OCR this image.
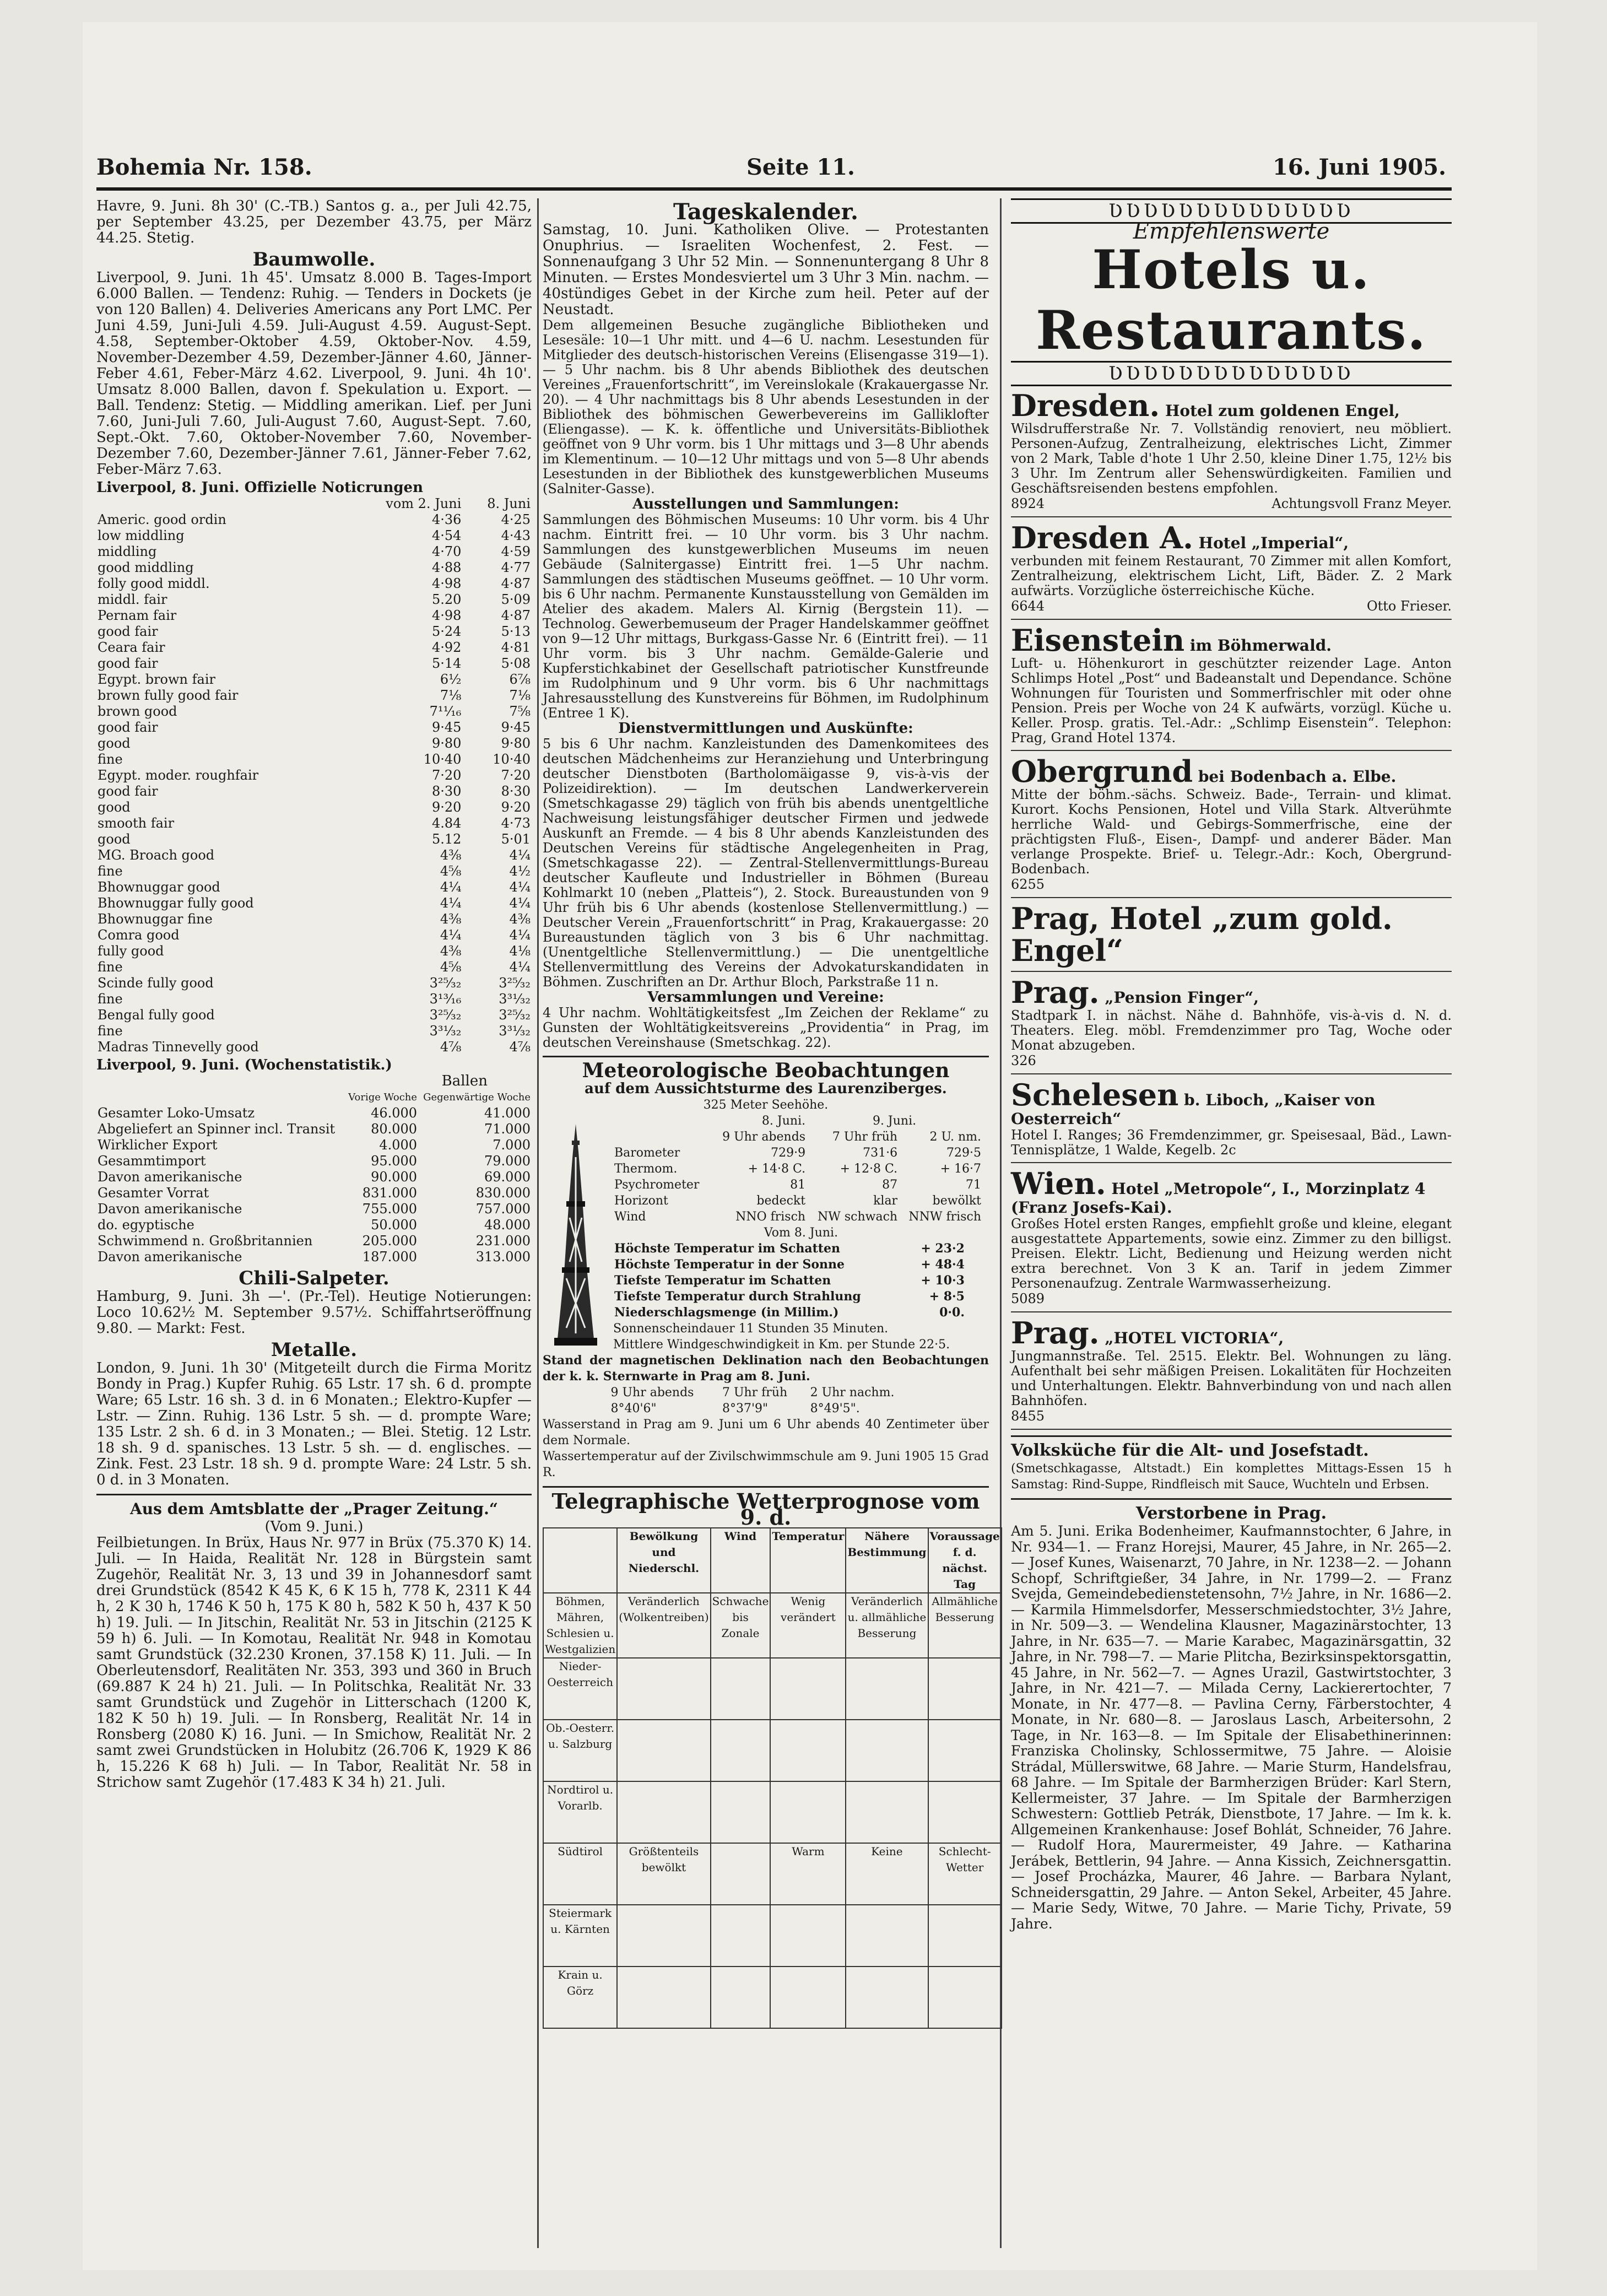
Bohemia Nr. 158.	Seite 11.	16. Juni 1905.

Havre, 9. Juni. 8h 30' (C.-TB.) Santos g. a., per Juli 42.75, per September 43.25, per Dezember 43.75, per März 44.25. Stetig.

Baumwolle.

Liverpool, 9. Juni. 1h 45'. Umsatz 8.000 B. Tages-Import 6.000 Ballen. — Tendenz: Ruhig. — Tenders in Dockets (je von 120 Ballen) 4. Deliveries Americans any Port LMC. Per Juni 4.59, Juni-Juli 4.59. Juli-August 4.59. August-Sept. 4.58, September-Oktober 4.59, Oktober-Nov. 4.59, November-Dezember 4.59, Dezember-Jänner 4.60, Jänner-Feber 4.61, Feber-März 4.62. Liverpool, 9. Juni. 4h 10'. Umsatz 8.000 Ballen, davon f. Spekulation u. Export. — Ball. Tendenz: Stetig. — Middling amerikan. Lief. per Juni 7.60, Juni-Juli 7.60, Juli-August 7.60, August-Sept. 7.60, Sept.-Okt. 7.60, Oktober-November 7.60, November-Dezember 7.60, Dezember-Jänner 7.61, Jänner-Feber 7.62, Feber-März 7.63.

Liverpool, 8. Juni. Offizielle Noticrungen
	vom 2. Juni	8. Juni
Americ. good ordin	4·36	4·25
low middling	4·54	4·43
middling	4·70	4·59
good middling	4·88	4·77
folly good middl.	4·98	4·87
middl. fair	5.20	5·09
Pernam fair	4·98	4·87
good fair	5·24	5·13
Ceara fair	4·92	4·81
good fair	5·14	5·08
Egypt. brown fair	6½	6⅞
brown fully good fair	7⅛	7⅛
brown good	7¹¹⁄₁₆	7⅝
good fair	9·45	9·45
good	9·80	9·80
fine	10·40	10·40
Egypt. moder. roughfair	7·20	7·20
good fair	8·30	8·30
good	9·20	9·20
smooth fair	4.84	4·73
good	5.12	5·01
MG. Broach good	4⅜	4¼
fine	4⅝	4½
Bhownuggar good	4¼	4¼
Bhownuggar fully good	4¼	4¼
Bhownuggar fine	4⅜	4⅜
Comra good	4¼	4¼
fully good	4⅜	4⅛
fine	4⅝	4¼
Scinde fully good	3²⁵⁄₃₂	3²⁵⁄₃₂
fine	3¹³⁄₁₆	3³¹⁄₃₂
Bengal fully good	3²⁵⁄₃₂	3²⁵⁄₃₂
fine	3³¹⁄₃₂	3³¹⁄₃₂
Madras Tinnevelly good	4⅞	4⅞
Liverpool, 9. Juni. (Wochenstatistik.)
Ballen
	Vorige Woche	Gegenwärtige Woche
Gesamter Loko-Umsatz	46.000	41.000
Abgeliefert an Spinner incl. Transit	80.000	71.000
Wirklicher Export	4.000	7.000
Gesammtimport	95.000	79.000
Davon amerikanische	90.000	69.000
Gesamter Vorrat	831.000	830.000
Davon amerikanische	755.000	757.000
do. egyptische	50.000	48.000
Schwimmend n. Großbritannien	205.000	231.000
Davon amerikanische	187.000	313.000
Chili-Salpeter.

Hamburg, 9. Juni. 3h —'. (Pr.-Tel). Heutige Notierungen: Loco 10.62½ M. September 9.57½. Schiffahrtseröffnung 9.80. — Markt: Fest.

Metalle.

London, 9. Juni. 1h 30' (Mitgeteilt durch die Firma Moritz Bondy in Prag.) Kupfer Ruhig. 65 Lstr. 17 sh. 6 d. prompte Ware; 65 Lstr. 16 sh. 3 d. in 6 Monaten.; Elektro-Kupfer — Lstr. — Zinn. Ruhig. 136 Lstr. 5 sh. — d. prompte Ware; 135 Lstr. 2 sh. 6 d. in 3 Monaten.; — Blei. Stetig. 12 Lstr. 18 sh. 9 d. spanisches. 13 Lstr. 5 sh. — d. englisches. — Zink. Fest. 23 Lstr. 18 sh. 9 d. prompte Ware: 24 Lstr. 5 sh. 0 d. in 3 Monaten.

Aus dem Amtsblatte der „Prager Zeitung.“
(Vom 9. Juni.)

Feilbietungen. In Brüx, Haus Nr. 977 in Brüx (75.370 K) 14. Juli. — In Haida, Realität Nr. 128 in Bürgstein samt Zugehör, Realität Nr. 3, 13 und 39 in Johannesdorf samt drei Grundstück (8542 K 45 K, 6 K 15 h, 778 K, 2311 K 44 h, 2 K 30 h, 1746 K 50 h, 175 K 80 h, 582 K 50 h, 437 K 50 h) 19. Juli. — In Jitschin, Realität Nr. 53 in Jitschin (2125 K 59 h) 6. Juli. — In Komotau, Realität Nr. 948 in Komotau samt Grundstück (32.230 Kronen, 37.158 K) 11. Juli. — In Oberleutensdorf, Realitäten Nr. 353, 393 und 360 in Bruch (69.887 K 24 h) 21. Juli. — In Politschka, Realität Nr. 33 samt Grundstück und Zugehör in Litterschach (1200 K, 182 K 50 h) 19. Juli. — In Ronsberg, Realität Nr. 14 in Ronsberg (2080 K) 16. Juni. — In Smichow, Realität Nr. 2 samt zwei Grundstücken in Holubitz (26.706 K, 1929 K 86 h, 15.226 K 68 h) Juli. — In Tabor, Realität Nr. 58 in Strichow samt Zugehör (17.483 K 34 h) 21. Juli.

Tageskalender.

Samstag, 10. Juni. Katholiken Olive. — Protestanten Onuphrius. — Israeliten Wochenfest, 2. Fest. — Sonnenaufgang 3 Uhr 52 Min. — Sonnenuntergang 8 Uhr 8 Minuten. — Erstes Mondesviertel um 3 Uhr 3 Min. nachm. — 40stündiges Gebet in der Kirche zum heil. Peter auf der Neustadt.

Dem allgemeinen Besuche zugängliche Bibliotheken und Lesesäle: 10—1 Uhr mitt. und 4—6 U. nachm. Lesestunden für Mitglieder des deutsch-historischen Vereins (Elisengasse 319—1). — 5 Uhr nachm. bis 8 Uhr abends Bibliothek des deutschen Vereines „Frauenfortschritt“, im Vereinslokale (Krakauergasse Nr. 20). — 4 Uhr nachmittags bis 8 Uhr abends Lesestunden in der Bibliothek des böhmischen Gewerbevereins im Galliklofter (Eliengasse). — K. k. öffentliche und Universitäts-Bibliothek geöffnet von 9 Uhr vorm. bis 1 Uhr mittags und 3—8 Uhr abends im Klementinum. — 10—12 Uhr mittags und von 5—8 Uhr abends Lesestunden in der Bibliothek des kunstgewerblichen Museums (Salniter-Gasse).

Ausstellungen und Sammlungen:

Sammlungen des Böhmischen Museums: 10 Uhr vorm. bis 4 Uhr nachm. Eintritt frei. — 10 Uhr vorm. bis 3 Uhr nachm. Sammlungen des kunstgewerblichen Museums im neuen Gebäude (Salnitergasse) Eintritt frei. 1—5 Uhr nachm. Sammlungen des städtischen Museums geöffnet. — 10 Uhr vorm. bis 6 Uhr nachm. Permanente Kunstausstellung von Gemälden im Atelier des akadem. Malers Al. Kirnig (Bergstein 11). — Technolog. Gewerbemuseum der Prager Handelskammer geöffnet von 9—12 Uhr mittags, Burkgass-Gasse Nr. 6 (Eintritt frei). — 11 Uhr vorm. bis 3 Uhr nachm. Gemälde-Galerie und Kupferstichkabinet der Gesellschaft patriotischer Kunstfreunde im Rudolphinum und 9 Uhr vorm. bis 6 Uhr nachmittags Jahresausstellung des Kunstvereins für Böhmen, im Rudolphinum (Entree 1 K).

Dienstvermittlungen und Auskünfte:

5 bis 6 Uhr nachm. Kanzleistunden des Damenkomitees des deutschen Mädchenheims zur Heranziehung und Unterbringung deutscher Dienstboten (Bartholomäigasse 9, vis-à-vis der Polizeidirektion). — Im deutschen Landwerkerverein (Smetschkagasse 29) täglich von früh bis abends unentgeltliche Nachweisung leistungsfähiger deutscher Firmen und jedwede Auskunft an Fremde. — 4 bis 8 Uhr abends Kanzleistunden des Deutschen Vereins für städtische Angelegenheiten in Prag, (Smetschkagasse 22). — Zentral-Stellenvermittlungs-Bureau deutscher Kaufleute und Industrieller in Böhmen (Bureau Kohlmarkt 10 (neben „Platteis“), 2. Stock. Bureaustunden von 9 Uhr früh bis 6 Uhr abends (kostenlose Stellenvermittlung.) — Deutscher Verein „Frauenfortschritt“ in Prag, Krakauergasse: 20 Bureaustunden täglich von 3 bis 6 Uhr nachmittag. (Unentgeltliche Stellenvermittlung.) — Die unentgeltliche Stellenvermittlung des Vereins der Advokaturskandidaten in Böhmen. Zuschriften an Dr. Arthur Bloch, Parkstraße 11 n.

Versammlungen und Vereine:

4 Uhr nachm. Wohltätigkeitsfest „Im Zeichen der Reklame“ zu Gunsten der Wohltätigkeitsvereins „Providentia“ in Prag, im deutschen Vereinshause (Smetschkag. 22).

Meteorologische Beobachtungen
auf dem Aussichtsturme des Laurenziberges.
325 Meter Seehöhe.
	8. Juni.	9. Juni.	
	9 Uhr abends	7 Uhr früh	2 U. nm.
Barometer	729·9	731·6	729·5
Thermom.	+ 14·8 C.	+ 12·8 C.	+ 16·7
Psychrometer	81	87	71
Horizont	bedeckt	klar	bewölkt
Wind	NNO frisch	NW schwach	NNW frisch
Vom 8. Juni.
Höchste Temperatur im Schatten	+ 23·2
Höchste Temperatur in der Sonne	+ 48·4
Tiefste Temperatur im Schatten	+ 10·3
Tiefste Temperatur durch Strahlung	+ 8·5
Niederschlagsmenge (in Millim.)	0·0.

Sonnenscheindauer 11 Stunden 35 Minuten.

Mittlere Windgeschwindigkeit in Km. per Stunde 22·5.

Stand der magnetischen Deklination nach den Beobachtungen der k. k. Sternwarte in Prag am 8. Juni.

9 Uhr abends	7 Uhr früh	2 Uhr nachm.
8°40'6"	8°37'9"	8°49'5".

Wasserstand in Prag am 9. Juni um 6 Uhr abends 40 Zentimeter über dem Normale.

Wassertemperatur auf der Zivilschwimmschule am 9. Juni 1905 15 Grad R.

Telegraphische Wetterprognose vom 9. d.
	Bewölkung und Niederschl.	Wind	Temperatur	Nähere Bestimmung	Voraussage f. d. nächst. Tag
Böhmen, Mähren, Schlesien u. Westgalizien	Veränderlich (Wolkentreiben)	Schwache bis Zonale	Wenig verändert	Veränderlich u. allmähliche Besserung	Allmähliche Besserung
Nieder-Oesterreich					
Ob.-Oesterr. u. Salzburg					
Nordtirol u. Vorarlb.					
Südtirol	Größtenteils bewölkt		Warm	Keine	Schlecht-Wetter
Steiermark u. Kärnten					
Krain u. Görz					
ƲƲƲƲƲƲƲƲƲƲƲƲƲƲ
Empfehlenswerte
Hotels u. Restaurants.
ƲƲƲƲƲƲƲƲƲƲƲƲƲƲ
Dresden. Hotel zum goldenen Engel,

Wilsdrufferstraße Nr. 7. Vollständig renoviert, neu möbliert. Personen-Aufzug, Zentralheizung, elektrisches Licht, Zimmer von 2 Mark, Table d'hote 1 Uhr 2.50, kleine Diner 1.75, 12½ bis 3 Uhr. Im Zentrum aller Sehenswürdigkeiten. Familien und Geschäftsreisenden bestens empfohlen.

8924	Achtungsvoll Franz Meyer.
Dresden A. Hotel „Imperial“,

verbunden mit feinem Restaurant, 70 Zimmer mit allen Komfort, Zentralheizung, elektrischem Licht, Lift, Bäder. Z. 2 Mark aufwärts. Vorzügliche österreichische Küche.

6644	Otto Frieser.
Eisenstein im Böhmerwald.

Luft- u. Höhenkurort in geschützter reizender Lage. Anton Schlimps Hotel „Post“ und Badeanstalt und Dependance. Schöne Wohnungen für Touristen und Sommerfrischler mit oder ohne Pension. Preis per Woche von 24 K aufwärts, vorzügl. Küche u. Keller. Prosp. gratis. Tel.-Adr.: „Schlimp Eisenstein“. Telephon: Prag, Grand Hotel 1374.

Obergrund bei Bodenbach a. Elbe.

Mitte der böhm.-sächs. Schweiz. Bade-, Terrain- und klimat. Kurort. Kochs Pensionen, Hotel und Villa Stark. Altverühmte herrliche Wald- und Gebirgs-Sommerfrische, eine der prächtigsten Fluß-, Eisen-, Dampf- und anderer Bäder. Man verlange Prospekte. Brief- u. Telegr.-Adr.: Koch, Obergrund-Bodenbach.

6255
Prag, Hotel „zum gold. Engel“
Prag. „Pension Finger“,

Stadtpark I. in nächst. Nähe d. Bahnhöfe, vis-à-vis d. N. d. Theaters. Eleg. möbl. Fremdenzimmer pro Tag, Woche oder Monat abzugeben.

326
Schelesen b. Liboch, „Kaiser von Oesterreich“

Hotel I. Ranges; 36 Fremdenzimmer, gr. Speisesaal, Bäd., Lawn-Tennisplätze, 1 Walde, Kegelb. 2c

Wien. Hotel „Metropole“, I., Morzinplatz 4 (Franz Josefs-Kai).

Großes Hotel ersten Ranges, empfiehlt große und kleine, elegant ausgestattete Appartements, sowie einz. Zimmer zu den billigst. Preisen. Elektr. Licht, Bedienung und Heizung werden nicht extra berechnet. Von 3 K an. Tarif in jedem Zimmer Personenaufzug. Zentrale Warmwasserheizung.

5089
Prag. „HOTEL VICTORIA“,

Jungmannstraße. Tel. 2515. Elektr. Bel. Wohnungen zu läng. Aufenthalt bei sehr mäßigen Preisen. Lokalitäten für Hochzeiten und Unterhaltungen. Elektr. Bahnverbindung von und nach allen Bahnhöfen.

8455
Volksküche für die Alt- und Josefstadt.

(Smetschkagasse, Altstadt.) Ein komplettes Mittags-Essen 15 h Samstag: Rind-Suppe, Rindfleisch mit Sauce, Wuchteln und Erbsen.

Verstorbene in Prag.

Am 5. Juni. Erika Bodenheimer, Kaufmannstochter, 6 Jahre, in Nr. 934—1. — Franz Horejsi, Maurer, 45 Jahre, in Nr. 265—2. — Josef Kunes, Waisenarzt, 70 Jahre, in Nr. 1238—2. — Johann Schopf, Schriftgießer, 34 Jahre, in Nr. 1799—2. — Franz Svejda, Gemeindebedienstetensohn, 7½ Jahre, in Nr. 1686—2. — Karmila Himmelsdorfer, Messerschmiedstochter, 3½ Jahre, in Nr. 509—3. — Wendelina Klausner, Magazinärstochter, 13 Jahre, in Nr. 635—7. — Marie Karabec, Magazinärsgattin, 32 Jahre, in Nr. 798—7. — Marie Plitcha, Bezirksinspektorsgattin, 45 Jahre, in Nr. 562—7. — Agnes Urazil, Gastwirtstochter, 3 Jahre, in Nr. 421—7. — Milada Cerny, Lackierertochter, 7 Monate, in Nr. 477—8. — Pavlina Cerny, Färberstochter, 4 Monate, in Nr. 680—8. — Jaroslaus Lasch, Arbeitersohn, 2 Tage, in Nr. 163—8. — Im Spitale der Elisabethinerinnen: Franziska Cholinsky, Schlossermitwe, 75 Jahre. — Aloisie Strádal, Müllerswitwe, 68 Jahre. — Marie Sturm, Handelsfrau, 68 Jahre. — Im Spitale der Barmherzigen Brüder: Karl Stern, Kellermeister, 37 Jahre. — Im Spitale der Barmherzigen Schwestern: Gottlieb Petrák, Dienstbote, 17 Jahre. — Im k. k. Allgemeinen Krankenhause: Josef Bohlát, Schneider, 76 Jahre. — Rudolf Hora, Maurermeister, 49 Jahre. — Katharina Jerábek, Bettlerin, 94 Jahre. — Anna Kissich, Zeichnersgattin. — Josef Procházka, Maurer, 46 Jahre. — Barbara Nylant, Schneidersgattin, 29 Jahre. — Anton Sekel, Arbeiter, 45 Jahre. — Marie Sedy, Witwe, 70 Jahre. — Marie Tichy, Private, 59 Jahre.
